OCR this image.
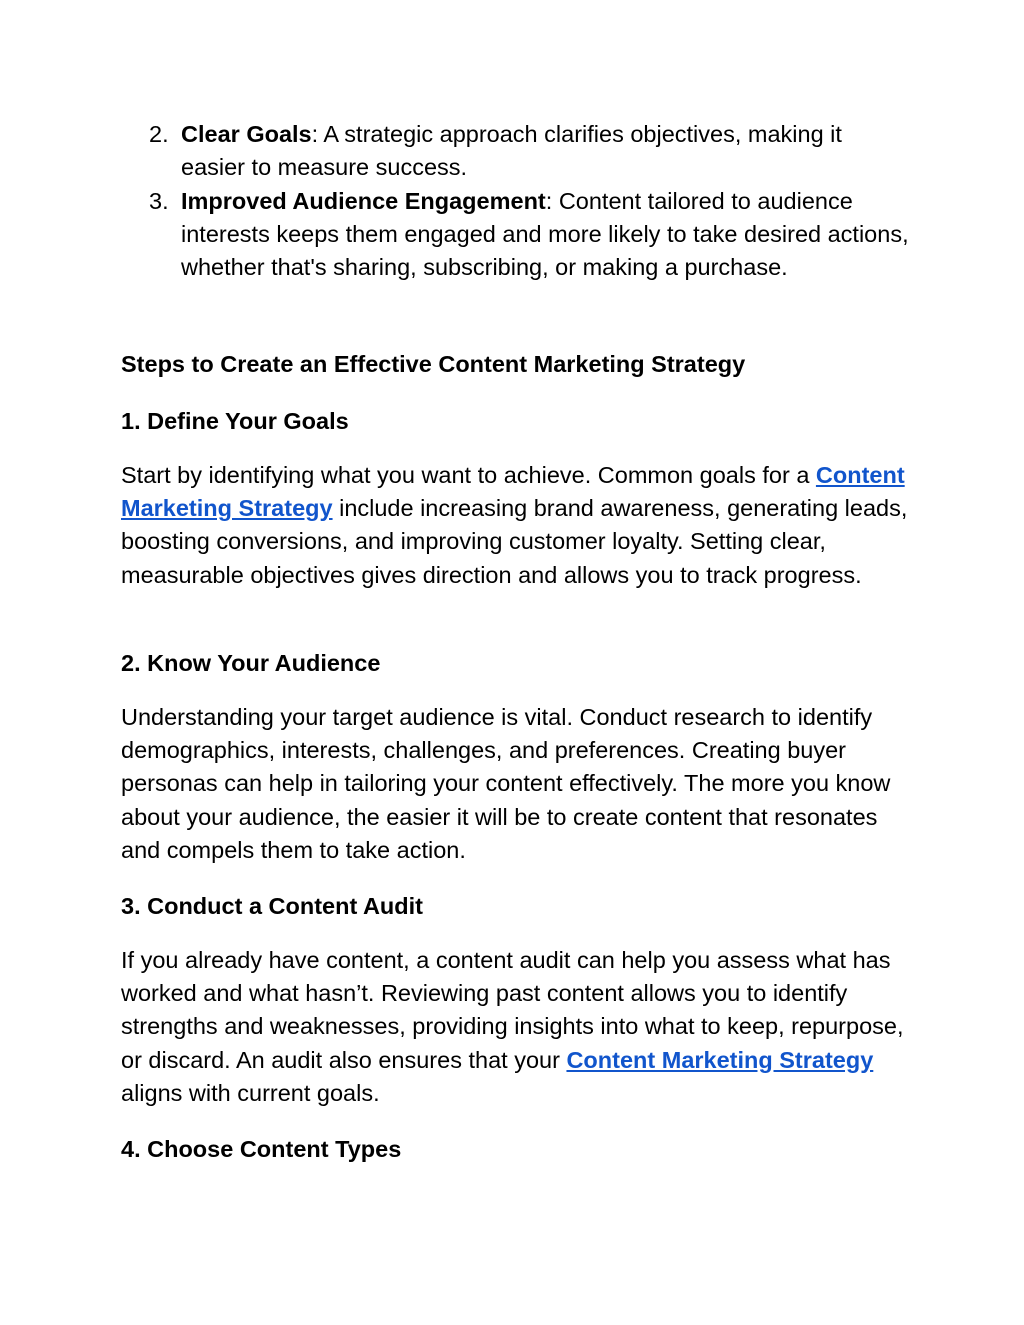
2. Clear Goals: A strategic approach clarifies objectives, making it easier to measure success.
3. Improved Audience Engagement: Content tailored to audience interests keeps them engaged and more likely to take desired actions, whether that's sharing, subscribing, or making a purchase.
Steps to Create an Effective Content Marketing Strategy
1. Define Your Goals
Start by identifying what you want to achieve. Common goals for a Content Marketing Strategy include increasing brand awareness, generating leads, boosting conversions, and improving customer loyalty. Setting clear, measurable objectives gives direction and allows you to track progress.
2. Know Your Audience
Understanding your target audience is vital. Conduct research to identify demographics, interests, challenges, and preferences. Creating buyer personas can help in tailoring your content effectively. The more you know about your audience, the easier it will be to create content that resonates and compels them to take action.
3. Conduct a Content Audit
If you already have content, a content audit can help you assess what has worked and what hasn’t. Reviewing past content allows you to identify strengths and weaknesses, providing insights into what to keep, repurpose, or discard. An audit also ensures that your Content Marketing Strategy aligns with current goals.
4. Choose Content Types
